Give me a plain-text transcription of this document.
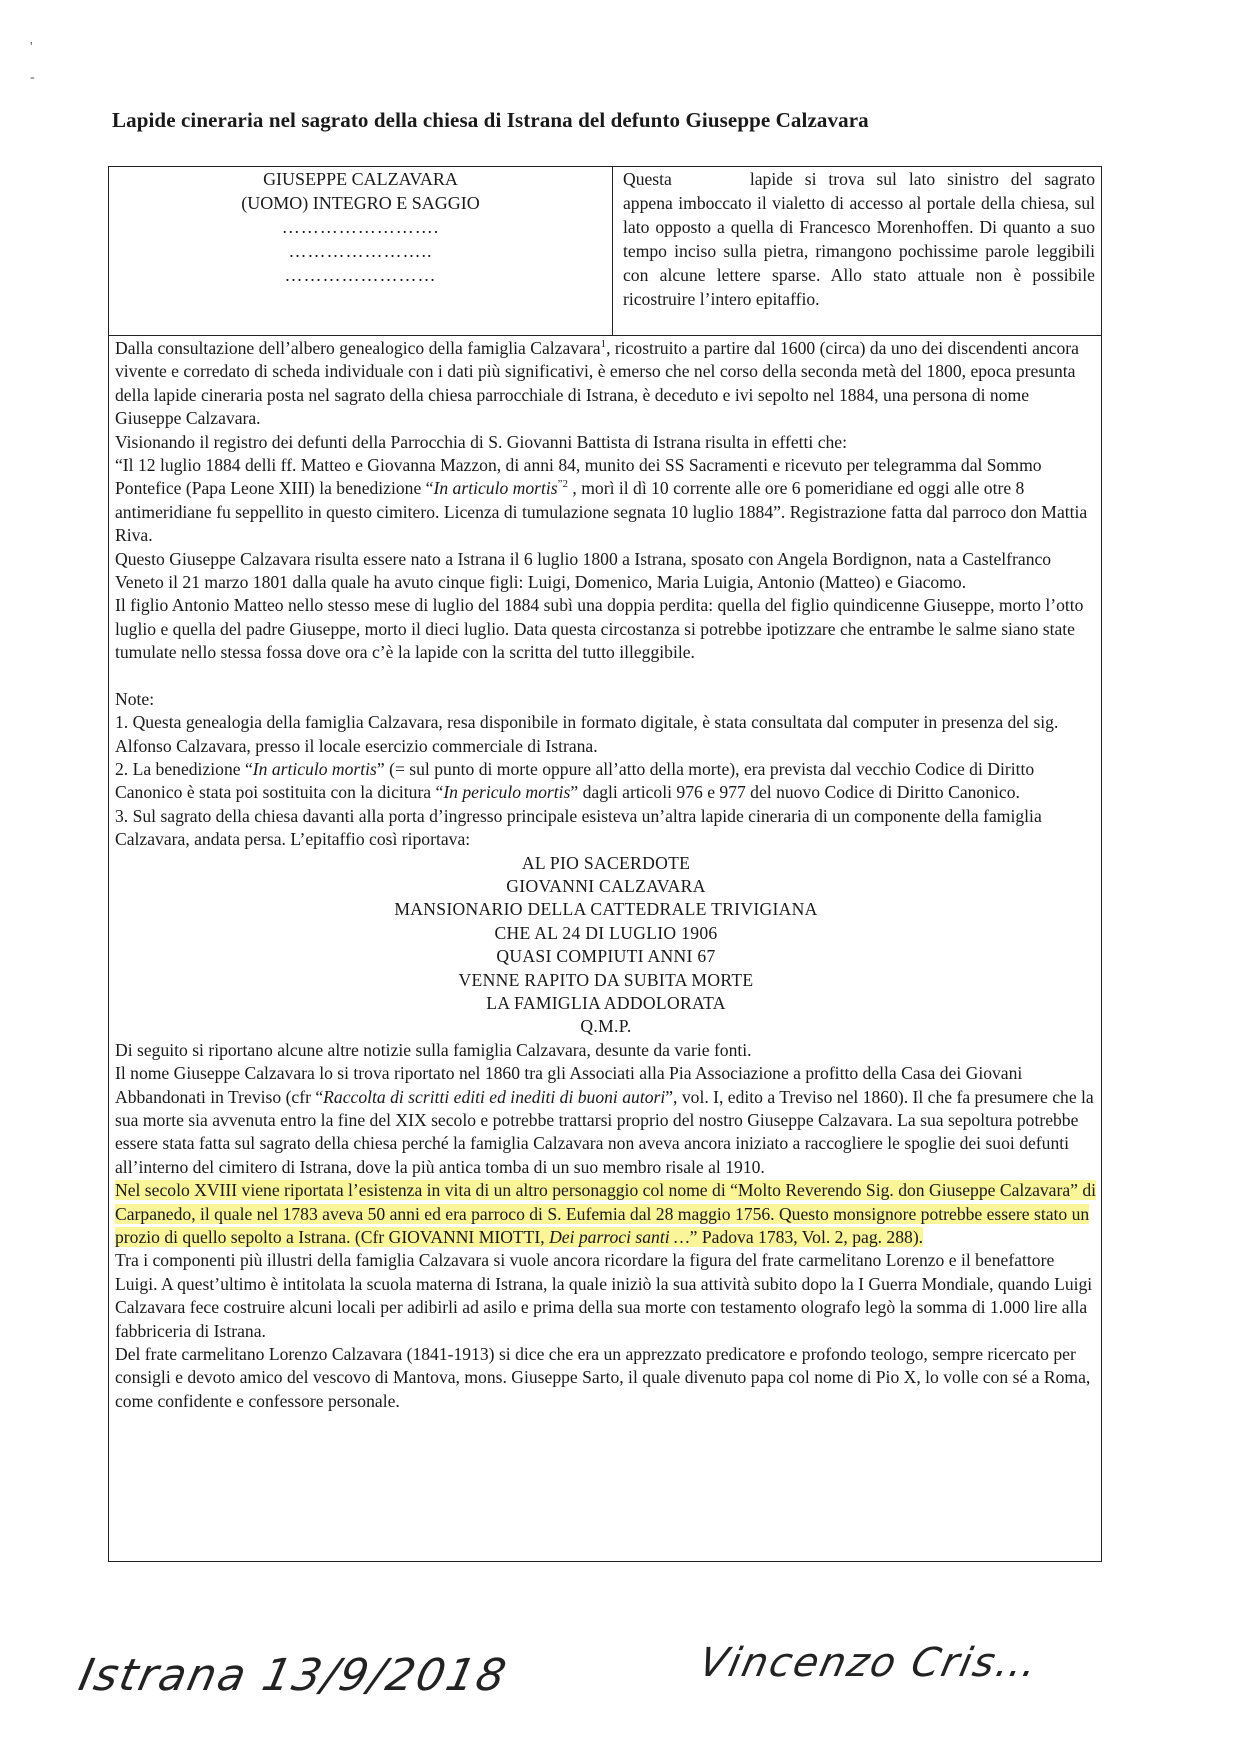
'
-
Lapide cineraria nel sagrato della chiesa di Istrana del defunto Giuseppe Calzavara
GIUSEPPE CALZAVARA
(UOMO) INTEGRO E SAGGIO
…………………….
…………………..
……………………
Questa	lapide si trova sul lato sinistro del sagrato appena imboccato il vialetto di accesso al portale della chiesa, sul lato opposto a quella di Francesco Morenhoffen. Di quanto a suo tempo inciso sulla pietra, rimangono pochissime parole leggibili con alcune lettere sparse. Allo stato attuale non è possibile ricostruire l’intero epitaffio.

Dalla consultazione dell’albero genealogico della famiglia Calzavara$^1$, ricostruito a partire dal 1600 (circa) da uno dei discendenti ancora vivente e corredato di scheda individuale con i dati più significativi, è emerso che nel corso della seconda metà del 1800, epoca presunta della lapide cineraria posta nel sagrato della chiesa parrocchiale di Istrana, è deceduto e ivi sepolto nel 1884, una persona di nome Giuseppe Calzavara.

Visionando il registro dei defunti della Parrocchia di S. Giovanni Battista di Istrana risulta in effetti che:

“Il 12 luglio 1884 delli ff. Matteo e Giovanna Mazzon, di anni 84, munito dei SS Sacramenti e ricevuto per telegramma dal Sommo Pontefice (Papa Leone XIII) la benedizione “In articulo mortis$^{”2}$ , morì il dì 10 corrente alle ore 6 pomeridiane ed oggi alle otre 8 antimeridiane fu seppellito in questo cimitero. Licenza di tumulazione segnata 10 luglio 1884”. Registrazione fatta dal parroco don Mattia Riva.

Questo Giuseppe Calzavara risulta essere nato a Istrana il 6 luglio 1800 a Istrana, sposato con Angela Bordignon, nata a Castelfranco Veneto il 21 marzo 1801 dalla quale ha avuto cinque figli: Luigi, Domenico, Maria Luigia, Antonio (Matteo) e Giacomo.

Il figlio Antonio Matteo nello stesso mese di luglio del 1884 subì una doppia perdita: quella del figlio quindicenne Giuseppe, morto l’otto luglio e quella del padre Giuseppe, morto il dieci luglio. Data questa circostanza si potrebbe ipotizzare che entrambe le salme siano state tumulate nello stessa fossa dove ora c’è la lapide con la scritta del tutto illeggibile.

Note:

1. Questa genealogia della famiglia Calzavara, resa disponibile in formato digitale, è stata consultata dal computer in presenza del sig. Alfonso Calzavara, presso il locale esercizio commerciale di Istrana.

2. La benedizione “In articulo mortis” (= sul punto di morte oppure all’atto della morte), era prevista dal vecchio Codice di Diritto Canonico è stata poi sostituita con la dicitura “In periculo mortis” dagli articoli 976 e 977 del nuovo Codice di Diritto Canonico.

3. Sul sagrato della chiesa davanti alla porta d’ingresso principale esisteva un’altra lapide cineraria di un componente della famiglia Calzavara, andata persa. L’epitaffio così riportava:

AL PIO SACERDOTE
GIOVANNI CALZAVARA
MANSIONARIO DELLA CATTEDRALE TRIVIGIANA
CHE AL 24 DI LUGLIO 1906
QUASI COMPIUTI ANNI 67
VENNE RAPITO DA SUBITA MORTE
LA FAMIGLIA ADDOLORATA
Q.M.P.

Di seguito si riportano alcune altre notizie sulla famiglia Calzavara, desunte da varie fonti.

Il nome Giuseppe Calzavara lo si trova riportato nel 1860 tra gli Associati alla Pia Associazione a profitto della Casa dei Giovani Abbandonati in Treviso (cfr “Raccolta di scritti editi ed inediti di buoni autori”, vol. I, edito a Treviso nel 1860). Il che fa presumere che la sua morte sia avvenuta entro la fine del XIX secolo e potrebbe trattarsi proprio del nostro Giuseppe Calzavara. La sua sepoltura potrebbe essere stata fatta sul sagrato della chiesa perché la famiglia Calzavara non aveva ancora iniziato a raccogliere le spoglie dei suoi defunti all’interno del cimitero di Istrana, dove la più antica tomba di un suo membro risale al 1910.

Nel secolo XVIII viene riportata l’esistenza in vita di un altro personaggio col nome di “Molto Reverendo Sig. don Giuseppe Calzavara” di Carpanedo, il quale nel 1783 aveva 50 anni ed era parroco di S. Eufemia dal 28 maggio 1756. Questo monsignore potrebbe essere stato un prozio di quello sepolto a Istrana. (Cfr GIOVANNI MIOTTI, Dei parroci santi …” Padova 1783, Vol. 2, pag. 288).

Tra i componenti più illustri della famiglia Calzavara si vuole ancora ricordare la figura del frate carmelitano Lorenzo e il benefattore Luigi. A quest’ultimo è intitolata la scuola materna di Istrana, la quale iniziò la sua attività subito dopo la I Guerra Mondiale, quando Luigi Calzavara fece costruire alcuni locali per adibirli ad asilo e prima della sua morte con testamento olografo legò la somma di 1.000 lire alla fabbriceria di Istrana.

Del frate carmelitano Lorenzo Calzavara (1841-1913) si dice che era un apprezzato predicatore e profondo teologo, sempre ricercato per consigli e devoto amico del vescovo di Mantova, mons. Giuseppe Sarto, il quale divenuto papa col nome di Pio X, lo volle con sé a Roma, come confidente e confessore personale.

Istrana 13/9/2018	Vincenzo Cris…
